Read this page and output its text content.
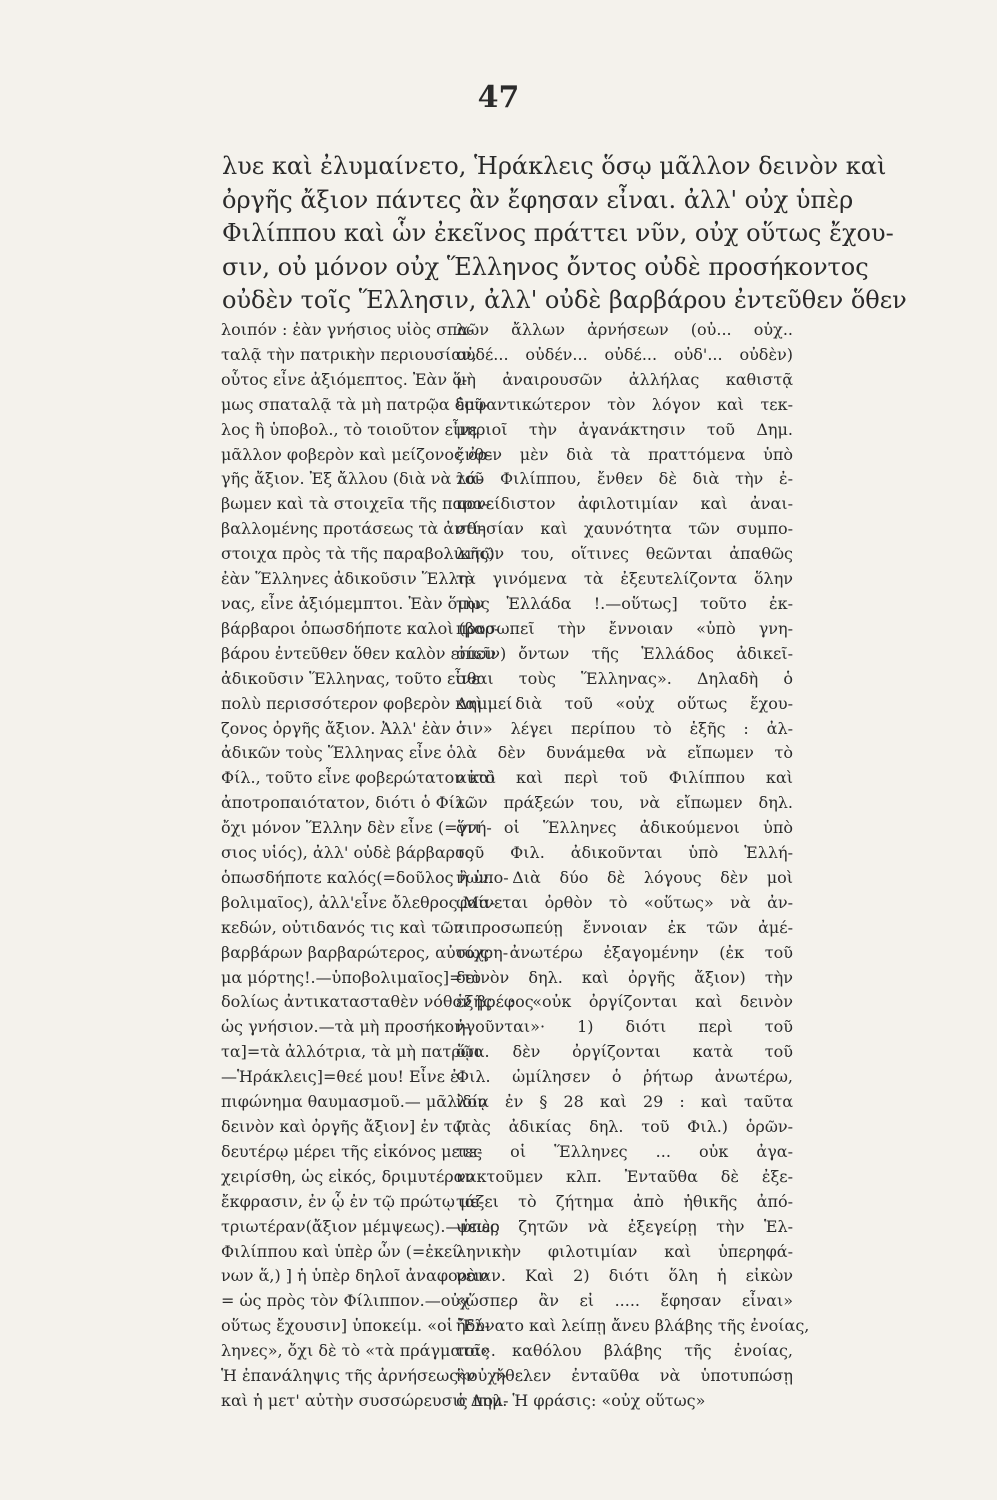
47
λυε καὶ ἐλυμαίνετο, Ἡράκλεις ὅσῳ μᾶλλον δεινὸν καὶ
ὀργῆς ἄξιον πάντες ἂν ἔφησαν εἶναι. ἀλλ' οὐχ ὑπὲρ
Φιλίππου καὶ ὧν ἐκεῖνος πράττει νῦν, οὐχ οὕτως ἔχου-
σιν, οὐ μόνον οὐχ Ἕλληνος ὄντος οὐδὲ προσήκοντος
οὐδὲν τοῖς Ἕλλησιν, ἀλλ' οὐδὲ βαρβάρου ἐντεῦθεν ὅθεν
λοιπόν : ἐὰν γνήσιος υἱὸς σπα-
ταλᾷ τὴν πατρικὴν περιουσίαν,
οὗτος εἶνε ἀξιόμεπτος. Ἐὰν ὅ-
μως σπαταλᾷ τὰ μὴ πατρῷα δοῦ-
λος ἢ ὑποβολ., τὸ τοιοῦτον εἶνε
μᾶλλον φοβερὸν καὶ μείζονος ὀρ-
γῆς ἄξιον. Ἐξ ἄλλου (διὰ νὰ λά-
βωμεν καὶ τὰ στοιχεῖα τῆς παρα-
βαλλομένης προτάσεως τὰ ἀντί-
στοιχα πρὸς τὰ τῆς παραβολικῆς)
ἐὰν Ἕλληνες ἀδικοῦσιν Ἕλλη-
νας, εἶνε ἀξιόμεμπτοι. Ἐὰν ὅμως
βάρβαροι ὁπωσδήποτε καλοὶ (βαρ-
βάρου ἐντεῦθεν ὅθεν καλὸν εἰπεῖν)
ἀδικοῦσιν Ἕλληνας, τοῦτο εἶνε
πολὺ περισσότερον φοβερὸν καὶ μεί
ζονος ὀργῆς ἄξιον. Ἀλλ' ἐὰν ὁ
ἀδικῶν τοὺς Ἕλληνας εἶνε ὁ
Φίλ., τοῦτο εἶνε φοβερώτατον καὶ
ἀποτροπαιότατον, διότι ὁ Φίλ.
ὄχι μόνον Ἕλλην δὲν εἶνε (=γνή-
σιος υἱός), ἀλλ' οὐδὲ βάρβαρος
ὁπωσδήποτε καλός(=δοῦλος ἢ ὑπο-
βολιμαῖος), ἀλλ'εἶνε ὄλεθρος Μα-
κεδών, οὐτιδανός τις καὶ τῶν
βαρβάρων βαρβαρώτερος, αὐτόχρη-
μα μόρτης!.—ὑποβολιμαῖος]=τὸ
δολίως ἀντικατασταθὲν νόθον βρέφος
ὡς γνήσιον.—τὰ μὴ προσήκον-
τα]=τὰ ἀλλότρια, τὰ μὴ πατρῷα.
—Ἡράκλεις]=θεέ μου! Εἶνε ἐ-
πιφώνημα θαυμασμοῦ.— μᾶλλον
δεινὸν καὶ ὀργῆς ἄξιον] ἐν τῷ
δευτέρῳ μέρει τῆς εἰκόνος μετε-
χειρίσθη, ὡς εἰκός, δριμυτέραν
ἔκφρασιν, ἐν ᾧ ἐν τῷ πρώτῳ με-
τριωτέραν(ἄξιον μέμψεως).—ὑπὲρ
Φιλίππου καὶ ὑπὲρ ὧν (=ἐκεί-
νων ἅ,) ] ἡ ὑπὲρ δηλοῖ ἀναφορὰν
= ὡς πρὸς τὸν Φίλιππον.—οὐχ
οὕτως ἔχουσιν] ὑποκείμ. «οἱ Ἕλ-
ληνες», ὄχι δὲ τὸ «τὰ πράγματα».
Ἡ ἐπανάληψις τῆς ἀρνήσεως«οὐχ»
καὶ ἡ μετ' αὐτὴν συσσώρευσις πολ-
λῶν ἄλλων ἀρνήσεων (οὐ... οὐχ..
οὐδέ... οὐδέν... οὐδέ... οὐδ'... οὐδὲν)
μὴ ἀναιρουσῶν ἀλλήλας καθιστᾷ
ἐμφαντικώτερον τὸν λόγον καὶ τεκ-
μηριοῖ τὴν ἀγανάκτησιν τοῦ Δημ.
ἔνθεν μὲν διὰ τὰ πραττόμενα ὑπὸ
τοῦ Φιλίππου, ἔνθεν δὲ διὰ τὴν ἐ-
πονείδιστον ἀφιλοτιμίαν καὶ ἀναι-
σθησίαν καὶ χαυνότητα τῶν συμπο-
λιτῶν του, οἵτινες θεῶνται ἀπαθῶς
τὰ γινόμενα τὰ ἐξευτελίζοντα ὅλην
τὴν Ἑλλάδα !.—οὕτως] τοῦτο ἐκ-
προσωπεῖ τὴν ἔννοιαν «ὑπὸ γνη-
σίων ὄντων τῆς Ἑλλάδος ἀδικεῖ-
σθαι τοὺς Ἕλληνας». Δηλαδὴ ὁ
Δημ. διὰ τοῦ «οὐχ οὕτως ἔχου-
σιν» λέγει περίπου τὸ ἑξῆς : ἀλ-
λὰ δὲν δυνάμεθα νὰ εἴπωμεν τὸ
αὐτὸ καὶ περὶ τοῦ Φιλίππου καὶ
τῶν πράξεών του, νὰ εἴπωμεν δηλ.
ὅτι οἱ Ἕλληνες ἀδικούμενοι ὑπὸ
τοῦ Φιλ. ἀδικοῦνται ὑπὸ Ἑλλή-
νων. Διὰ δύο δὲ λόγους δὲν μοὶ
φαίνεται ὀρθὸν τὸ «οὕτως» νὰ ἀν-
τιπροσωπεύῃ ἔννοιαν ἐκ τῶν ἀμέ-
σως ἀνωτέρω ἐξαγομένην (ἐκ τοῦ
δεινὸν δηλ. καὶ ὀργῆς ἄξιον) τὴν
ἑξῆς : «οὐκ ὀργίζονται καὶ δεινὸν
ἡγοῦνται»· 1) διότι περὶ τοῦ
ὅτι δὲν ὀργίζονται κατὰ τοῦ
Φιλ. ὡμίλησεν ὁ ῥήτωρ ἀνωτέρω,
ἰδίᾳ ἐν § 28 καὶ 29 : καὶ ταῦτα
(τὰς ἀδικίας δηλ. τοῦ Φιλ.) ὁρῶν-
τες οἱ Ἕλληνες ... οὐκ ἀγα-
νακτοῦμεν κλπ. Ἐνταῦθα δὲ ἐξε-
τάζει τὸ ζήτημα ἀπὸ ἠθικῆς ἀπό-
ψεως ζητῶν νὰ ἐξεγείρῃ τὴν Ἑλ-
ληνικὴν φιλοτιμίαν καὶ ὑπερηφά-
νειαν. Καὶ 2) διότι ὅλη ἡ εἰκὼν
«ὥσπερ ἂν εἰ ..... ἔφησαν εἶναι»
ἠδύνατο καὶ λείπῃ ἄνευ βλάβης τῆς ἐνοίας,
τοῖς καθόλου βλάβης τῆς ἐνοίας,
ἣν ἤθελεν ἐνταῦθα νὰ ὑποτυπώσῃ
ὁ Δημ. Ἡ φράσις: «οὐχ οὕτως»
